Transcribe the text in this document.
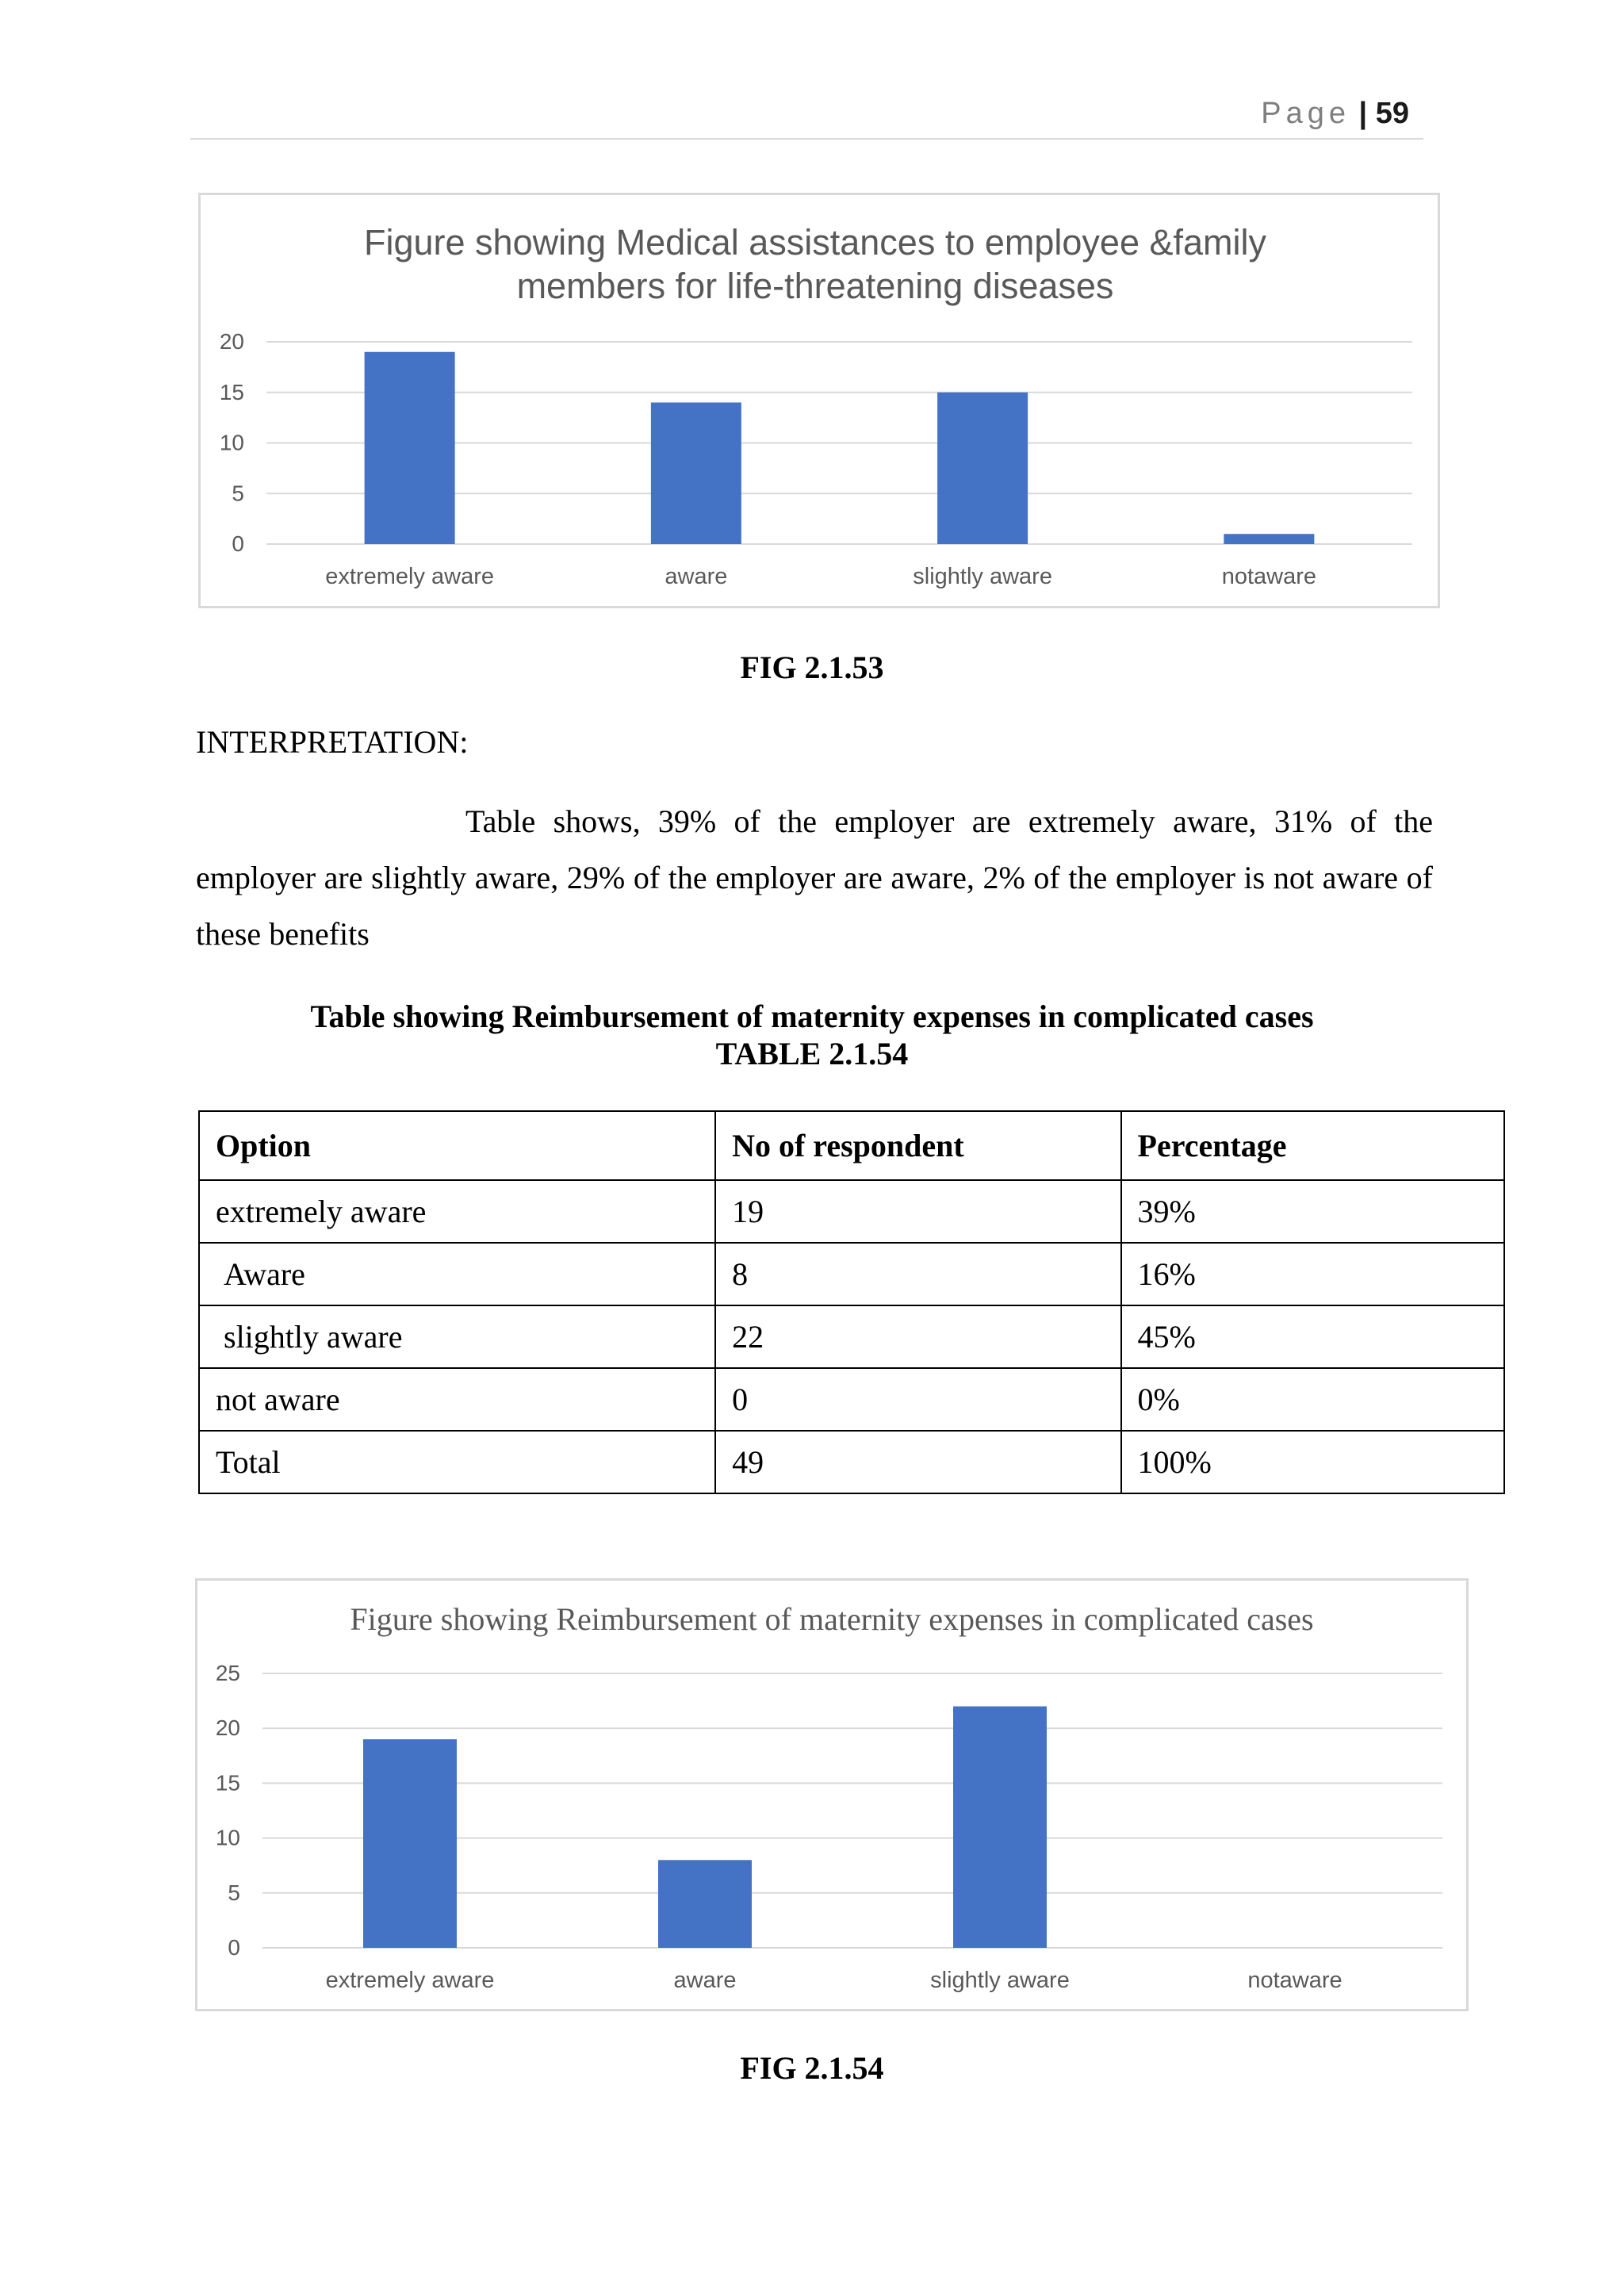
Page | 59
Figure showing Medical assistances to employee &family
members for life-threatening diseases
0
5
10
15
20
extremely aware	aware	slightly aware	notaware
FIG 2.1.53
INTERPRETATION:
Table shows, 39% of the employer are extremely aware, 31% of the employer are slightly aware, 29% of the employer are aware, 2% of the employer is not aware of these benefits
Table showing Reimbursement of maternity expenses in complicated cases
TABLE 2.1.54
Option	No of respondent	Percentage
extremely aware	19	39%
Aware	8	16%
slightly aware	22	45%
not aware	0	0%
Total	49	100%
Figure showing Reimbursement of maternity expenses in complicated cases
0
5
10
15
20
25
extremely aware	aware	slightly aware	notaware
FIG 2.1.54
